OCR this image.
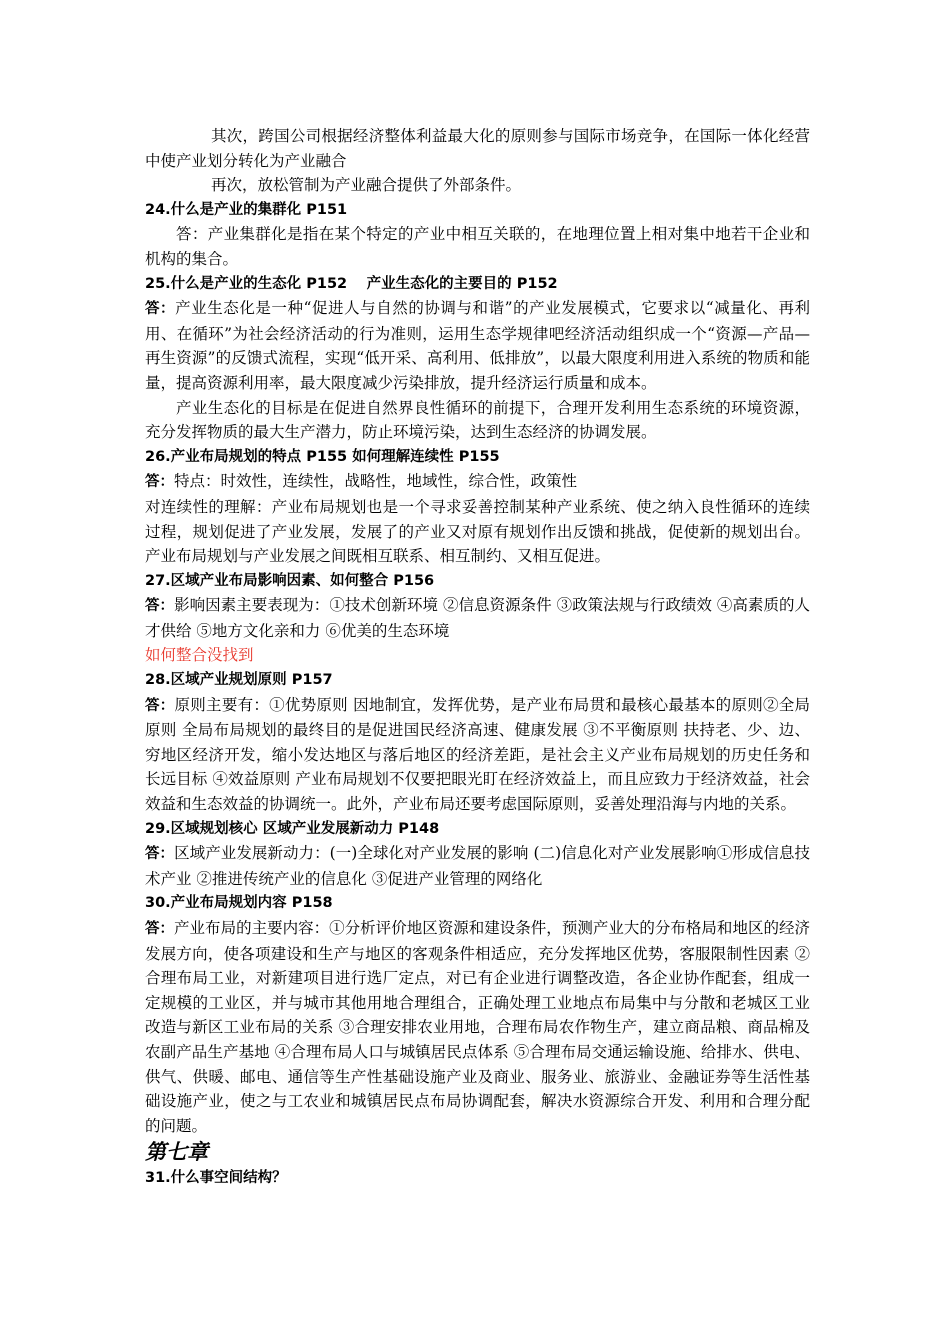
其次，跨国公司根据经济整体利益最大化的原则参与国际市场竞争，在国际一体化经营中使产业划分转化为产业融合

再次，放松管制为产业融合提供了外部条件。

24.什么是产业的集群化 P151

答：产业集群化是指在某个特定的产业中相互关联的，在地理位置上相对集中地若干企业和机构的集合。

25.什么是产业的生态化 P152　 产业生态化的主要目的 P152

答：产业生态化是一种“促进人与自然的协调与和谐”的产业发展模式，它要求以“减量化、再利用、在循环”为社会经济活动的行为准则，运用生态学规律吧经济活动组织成一个“资源—产品—再生资源”的反馈式流程，实现“低开采、高利用、低排放”，以最大限度利用进入系统的物质和能量，提高资源利用率，最大限度减少污染排放，提升经济运行质量和成本。

产业生态化的目标是在促进自然界良性循环的前提下，合理开发利用生态系统的环境资源，充分发挥物质的最大生产潜力，防止环境污染，达到生态经济的协调发展。

26.产业布局规划的特点 P155 如何理解连续性 P155

答：特点：时效性，连续性，战略性，地域性，综合性，政策性

对连续性的理解：产业布局规划也是一个寻求妥善控制某种产业系统、使之纳入良性循环的连续过程，规划促进了产业发展，发展了的产业又对原有规划作出反馈和挑战，促使新的规划出台。产业布局规划与产业发展之间既相互联系、相互制约、又相互促进。

27.区域产业布局影响因素、如何整合 P156

答：影响因素主要表现为：①技术创新环境 ②信息资源条件 ③政策法规与行政绩效 ④高素质的人才供给 ⑤地方文化亲和力 ⑥优美的生态环境

如何整合没找到

28.区域产业规划原则 P157

答：原则主要有：①优势原则 因地制宜，发挥优势，是产业布局贯和最核心最基本的原则②全局原则 全局布局规划的最终目的是促进国民经济高速、健康发展 ③不平衡原则 扶持老、少、边、穷地区经济开发，缩小发达地区与落后地区的经济差距，是社会主义产业布局规划的历史任务和长远目标 ④效益原则 产业布局规划不仅要把眼光盯在经济效益上，而且应致力于经济效益，社会效益和生态效益的协调统一。此外，产业布局还要考虑国际原则，妥善处理沿海与内地的关系。

29.区域规划核心 区域产业发展新动力 P148

答：区域产业发展新动力：(一)全球化对产业发展的影响 (二)信息化对产业发展影响①形成信息技术产业 ②推进传统产业的信息化 ③促进产业管理的网络化

30.产业布局规划内容 P158

答：产业布局的主要内容：①分析评价地区资源和建设条件，预测产业大的分布格局和地区的经济发展方向，使各项建设和生产与地区的客观条件相适应，充分发挥地区优势，客服限制性因素 ②合理布局工业，对新建项目进行选厂定点，对已有企业进行调整改造，各企业协作配套，组成一定规模的工业区，并与城市其他用地合理组合，正确处理工业地点布局集中与分散和老城区工业改造与新区工业布局的关系 ③合理安排农业用地，合理布局农作物生产，建立商品粮、商品棉及农副产品生产基地 ④合理布局人口与城镇居民点体系 ⑤合理布局交通运输设施、给排水、供电、供气、供暖、邮电、通信等生产性基础设施产业及商业、服务业、旅游业、金融证券等生活性基础设施产业，使之与工农业和城镇居民点布局协调配套，解决水资源综合开发、利用和合理分配的问题。

第七章

31.什么事空间结构？
